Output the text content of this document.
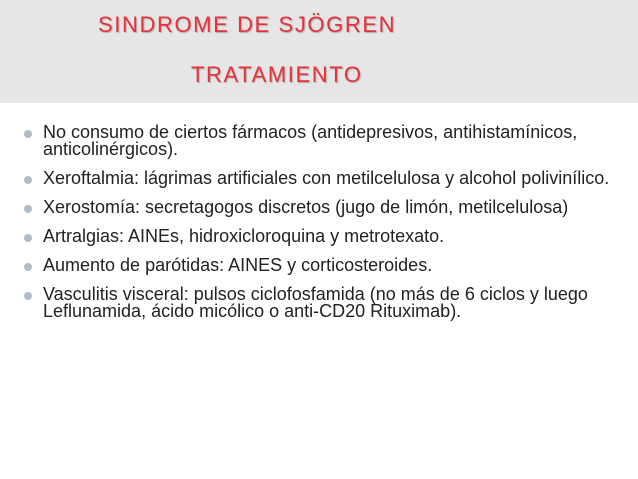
SINDROME DE SJÖGREN
TRATAMIENTO
No consumo de ciertos fármacos (antidepresivos, antihistamínicos, anticolinérgicos).
Xeroftalmia: lágrimas artificiales con metilcelulosa y alcohol polivinílico.
Xerostomía: secretagogos discretos (jugo de limón, metilcelulosa)
Artralgias: AINEs, hidroxicloroquina y metrotexato.
Aumento de parótidas: AINES y corticosteroides.
Vasculitis visceral: pulsos ciclofosfamida (no más de 6 ciclos y luego Leflunamida, ácido micólico o anti-CD20 Rituximab).
